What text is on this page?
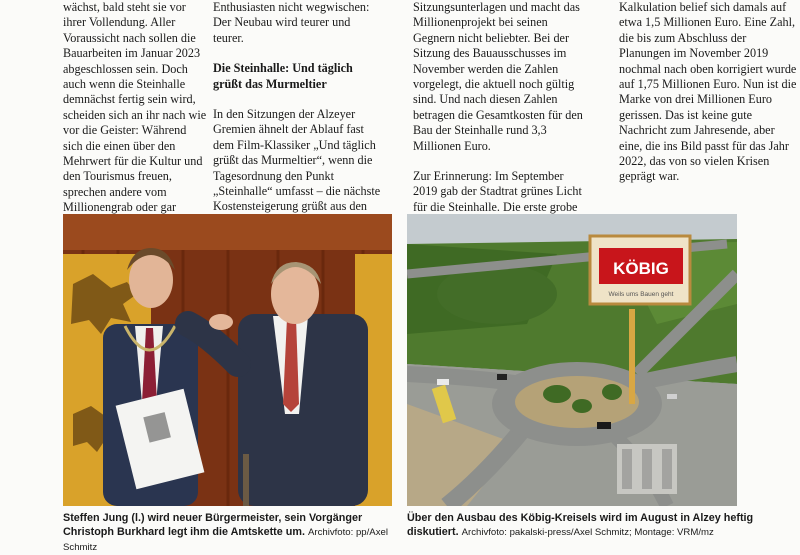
wächst, bald steht sie vor ihrer Vollendung. Aller Voraussicht nach sollen die Bauarbeiten im Januar 2023 abgeschlossen sein. Doch auch wenn die Steinhalle demnächst fertig sein wird, scheiden sich an ihr nach wie vor die Geister: Während sich die einen über den Mehrwert für die Kultur und den Tourismus freuen, sprechen andere vom Millionengrab oder gar

Enthusiasten nicht wegwischen: Der Neubau wird teurer und teurer.

Die Steinhalle: Und täglich grüßt das Murmeltier

In den Sitzungen der Alzeyer Gremien ähnelt der Ablauf fast dem Film-Klassiker „Und täglich grüßt das Murmeltier“, wenn die Tagesordnung den Punkt „Steinhalle“ umfasst – die nächste Kostensteigerung grüßt aus den

Sitzungsunterlagen und macht das Millionenprojekt bei seinen Gegnern nicht beliebter. Bei der Sitzung des Bauausschusses im November werden die Zahlen vorgelegt, die aktuell noch gültig sind. Und nach diesen Zahlen betragen die Gesamtkosten für den Bau der Steinhalle rund 3,3 Millionen Euro.

Zur Erinnerung: Im September 2019 gab der Stadtrat grünes Licht für die Steinhalle. Die erste grobe

Kalkulation belief sich damals auf etwa 1,5 Millionen Euro. Eine Zahl, die bis zum Abschluss der Planungen im November 2019 nochmal nach oben korrigiert wurde auf 1,75 Millionen Euro. Nun ist die Marke von drei Millionen Euro gerissen. Das ist keine gute Nachricht zum Jahresende, aber eine, die ins Bild passt für das Jahr 2022, das von so vielen Krisen geprägt war.

KÖBIG
Weils ums Bauen geht
Steffen Jung (l.) wird neuer Bürgermeister, sein Vorgänger Christoph Burkhard legt ihm die Amtskette um. Archivfoto: pp/Axel Schmitz
Über den Ausbau des Köbig-Kreisels wird im August in Alzey heftig diskutiert. Archivfoto: pakalski-press/Axel Schmitz; Montage: VRM/mz
